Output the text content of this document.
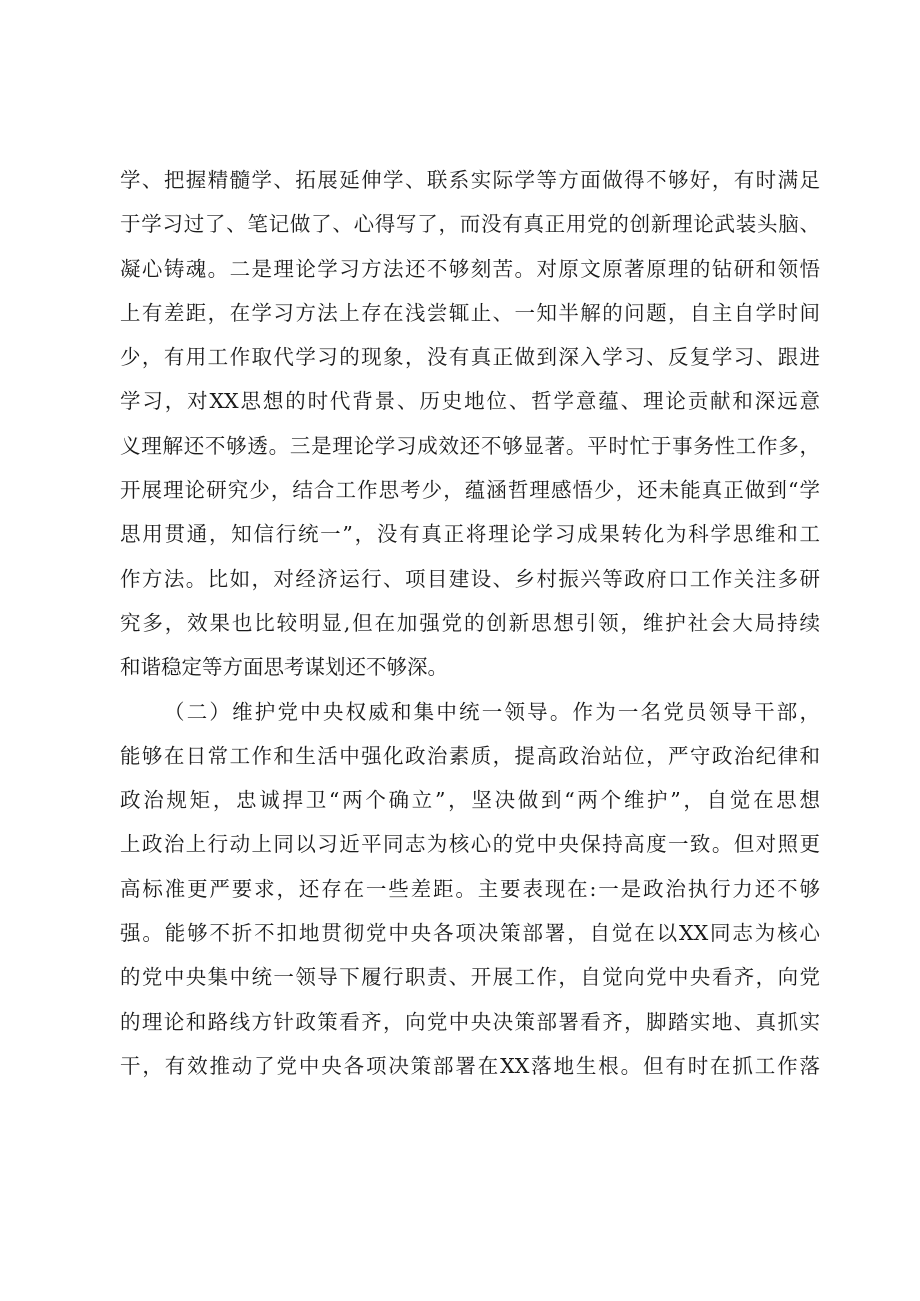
学、把握精髓学、拓展延伸学、联系实际学等方面做得不够好，有时满足
于学习过了、笔记做了、心得写了，而没有真正用党的创新理论武装头脑、
凝心铸魂。二是理论学习方法还不够刻苦。对原文原著原理的钻研和领悟
上有差距，在学习方法上存在浅尝辄止、一知半解的问题，自主自学时间
少，有用工作取代学习的现象，没有真正做到深入学习、反复学习、跟进
学习，对XX思想的时代背景、历史地位、哲学意蕴、理论贡献和深远意
义理解还不够透。三是理论学习成效还不够显著。平时忙于事务性工作多，
开展理论研究少，结合工作思考少，蕴涵哲理感悟少，还未能真正做到“学
思用贯通，知信行统一”，没有真正将理论学习成果转化为科学思维和工
作方法。比如，对经济运行、项目建设、乡村振兴等政府口工作关注多研
究多，效果也比较明显,但在加强党的创新思想引领，维护社会大局持续
和谐稳定等方面思考谋划还不够深。
（二）维护党中央权威和集中统一领导。作为一名党员领导干部，
能够在日常工作和生活中强化政治素质，提高政治站位，严守政治纪律和
政治规矩，忠诚捍卫“两个确立”，坚决做到“两个维护”，自觉在思想
上政治上行动上同以习近平同志为核心的党中央保持高度一致。但对照更
高标准更严要求，还存在一些差距。主要表现在:一是政治执行力还不够
强。能够不折不扣地贯彻党中央各项决策部署，自觉在以XX同志为核心
的党中央集中统一领导下履行职责、开展工作，自觉向党中央看齐，向党
的理论和路线方针政策看齐，向党中央决策部署看齐，脚踏实地、真抓实
干，有效推动了党中央各项决策部署在XX落地生根。但有时在抓工作落
